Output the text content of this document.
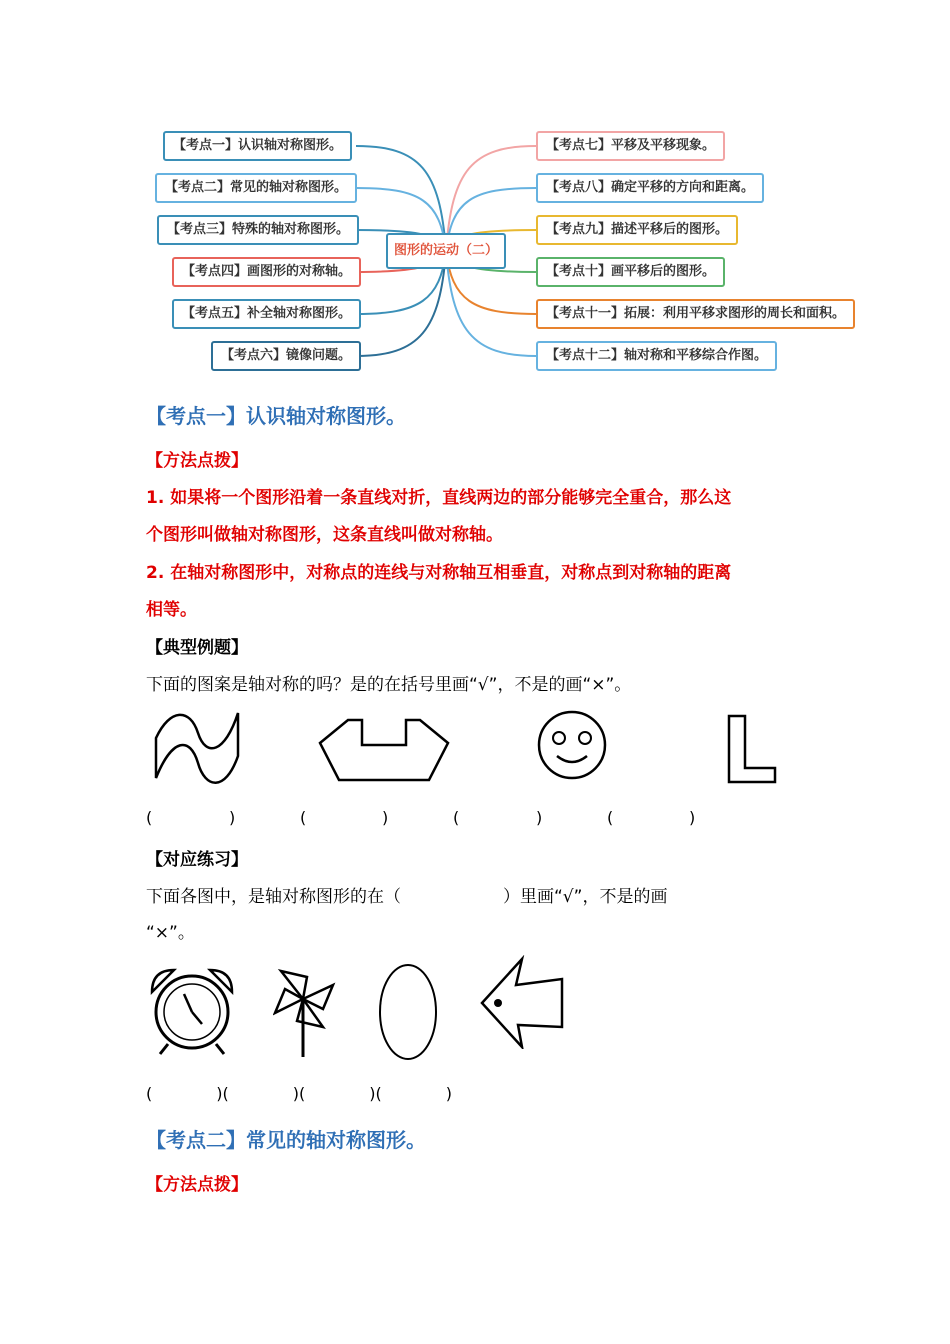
图形的运动（二）
【考点一】认识轴对称图形。
【考点二】常见的轴对称图形。
【考点三】特殊的轴对称图形。
【考点四】画图形的对称轴。
【考点五】补全轴对称图形。
【考点六】镜像问题。
【考点七】平移及平移现象。
【考点八】确定平移的方向和距离。
【考点九】描述平移后的图形。
【考点十】画平移后的图形。
【考点十一】拓展：利用平移求图形的周长和面积。
【考点十二】轴对称和平移综合作图。
【考点一】认识轴对称图形。
【方法点拨】
1. 如果将一个图形沿着一条直线对折，直线两边的部分能够完全重合，那么这
个图形叫做轴对称图形，这条直线叫做对称轴。
2. 在轴对称图形中，对称点的连线与对称轴互相垂直，对称点到对称轴的距离
相等。
【典型例题】
下面的图案是轴对称的吗？是的在括号里画“√”，不是的画“×”。
(	)	(	)	(	)	(	)
【对应练习】
下面各图中，是轴对称图形的在（　　　　　　）里画“√”，不是的画
“×”。
(　　　　)(　　　　)(　　　　)(　　　　)
【考点二】常见的轴对称图形。
【方法点拨】
